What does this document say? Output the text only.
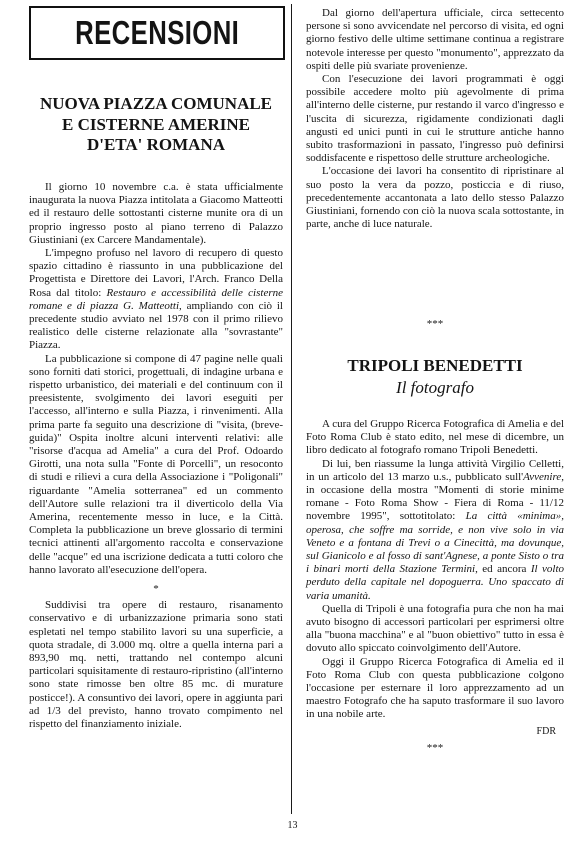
RECENSIONI
NUOVA PIAZZA COMUNALE
E CISTERNE AMERINE
D'ETA' ROMANA

Il giorno 10 novembre c.a. è stata ufficialmente inaugurata la nuova Piazza intitolata a Giacomo Matteotti ed il restauro delle sottostanti cisterne munite ora di un proprio ingresso posto al piano terreno di Palazzo Giustiniani (ex Carcere Mandamentale).

L'impegno profuso nel lavoro di recupero di questo spazio cittadino è riassunto in una pubblicazione del Progettista e Direttore dei Lavori, l'Arch. Franco Della Rosa dal titolo: Restauro e accessibilità delle cisterne romane e di piazza G. Matteotti, ampliando con ciò il precedente studio avviato nel 1978 con il primo rilievo realistico delle cisterne relazionate alla "sovrastante" Piazza.

La pubblicazione si compone di 47 pagine nelle quali sono forniti dati storici, progettuali, di indagine urbana e rispetto urbanistico, dei materiali e del continuum con il preesistente, svolgimento dei lavori eseguiti per l'accesso, all'interno e sulla Piazza, i rinvenimenti. Alla prima parte fa seguito una descrizione di "visita, (breve-guida)" Ospita inoltre alcuni interventi relativi: alle "risorse d'acqua ad Amelia" a cura del Prof. Odoardo Girotti, una nota sulla "Fonte di Porcelli", un resoconto di studi e rilievi a cura della Associazione i "Poligonali" riguardante "Amelia sotterranea" ed un commento dell'Autore sulle relazioni tra il diverticolo della Via Amerina, recentemente messo in luce, e la Città. Completa la pubblicazione un breve glossario di termini tecnici attinenti all'argomento raccolta e conservazione delle "acque" ed una iscrizione dedicata a tutti coloro che hanno lavorato all'esecuzione dell'opera.

*

Suddivisi tra opere di restauro, risanamento conservativo e di urbanizzazione primaria sono stati espletati nel tempo stabilito lavori su una superficie, a quota stradale, di 3.000 mq. oltre a quella interna pari a 893,90 mq. netti, trattando nel contempo alcuni particolari squisitamente di restauro-ripristino (all'interno sono state rimosse ben oltre 85 mc. di murature posticce!). A consuntivo dei lavori, opere in aggiunta pari ad 1/3 del previsto, hanno trovato compimento nel rispetto del finanziamento iniziale.

Dal giorno dell'apertura ufficiale, circa settecento persone si sono avvicendate nel percorso di visita, ed ogni giorno festivo delle ultime settimane continua a registrare notevole interesse per questo "monumento", apprezzato da ospiti delle più svariate provenienze.

Con l'esecuzione dei lavori programmati è oggi possibile accedere molto più agevolmente di prima all'interno delle cisterne, pur restando il varco d'ingresso e l'uscita di sicurezza, rigidamente condizionati dagli angusti ed unici punti in cui le strutture antiche hanno subito trasformazioni in passato, l'ingresso può definirsi soddisfacente e rispettoso delle strutture archeologiche.

L'occasione dei lavori ha consentito di ripristinare al suo posto la vera da pozzo, posticcia e di riuso, precedentemente accantonata a lato dello stesso Palazzo Giustiniani, fornendo con ciò la nuova scala sottostante, in parte, anche di luce naturale.

***
TRIPOLI BENEDETTI
Il fotografo

A cura del Gruppo Ricerca Fotografica di Amelia e del Foto Roma Club è stato edito, nel mese di dicembre, un libro dedicato al fotografo romano Tripoli Benedetti.

Di lui, ben riassume la lunga attività Virgilio Celletti, in un articolo del 13 marzo u.s., pubblicato sull'Avvenire, in occasione della mostra "Momenti di storie minime romane - Foto Roma Show - Fiera di Roma - 11/12 novembre 1995", sottotitolato: La città «minima», operosa, che soffre ma sorride, e non vive solo in via Veneto e a fontana di Trevi o a Cinecittà, ma dovunque, sul Gianicolo e al fosso di sant'Agnese, a ponte Sisto o tra i binari morti della Stazione Termini, ed ancora Il volto perduto della capitale nel dopoguerra. Uno spaccato di varia umanità.

Quella di Tripoli è una fotografia pura che non ha mai avuto bisogno di accessori particolari per esprimersi oltre alla "buona macchina" e al "buon obiettivo" tutto in essa è dovuto allo spiccato coinvolgimento dell'Autore.

Oggi il Gruppo Ricerca Fotografica di Amelia ed il Foto Roma Club con questa pubblicazione colgono l'occasione per esternare il loro apprezzamento ad un maestro Fotografo che ha saputo trasformare il suo lavoro in una nobile arte.

FDR
***
13
